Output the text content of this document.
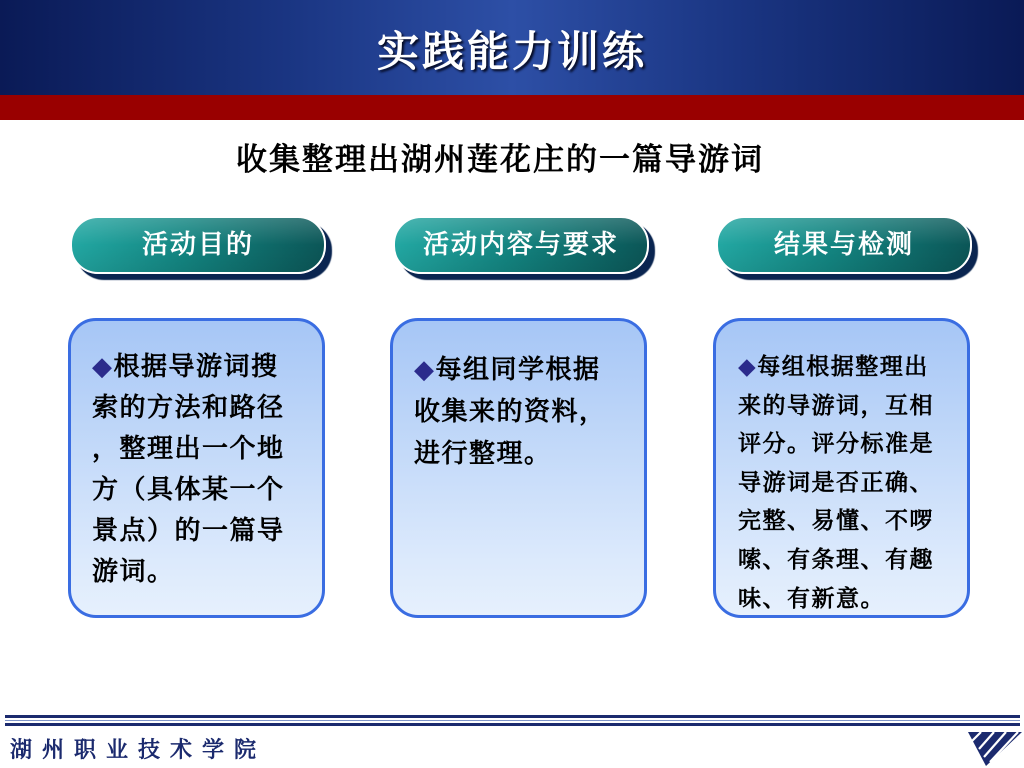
实践能力训练
收集整理出湖州莲花庄的一篇导游词
活动目的	活动内容与要求	结果与检测
◆根据导游词搜
索的方法和路径
，整理出一个地
方（具体某一个
景点）的一篇导
游词。
◆每组同学根据
收集来的资料，
进行整理。
◆每组根据整理出
来的导游词，互相
评分。评分标准是
导游词是否正确、
完整、易懂、不啰
嗦、有条理、有趣
味、有新意。
湖州职业技术学院
